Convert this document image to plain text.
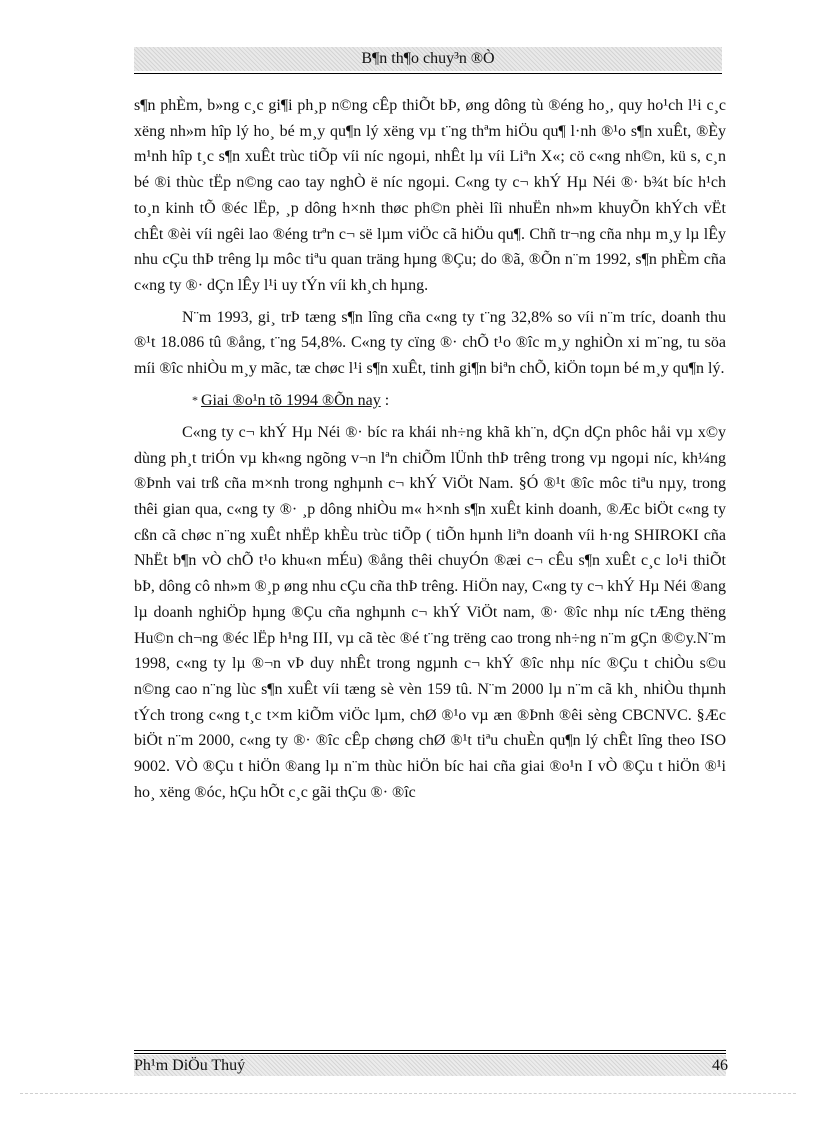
B¶n th¶o chuy³n ®Ò

s¶n phÈm, b»ng c¸c gi¶i ph¸p n©ng cÊp thiÕt bÞ, øng dông tù ®éng ho¸, quy ho¹ch l¹i c¸c xëng nh»m hîp lý ho¸ bé m¸y qu¶n lý xëng vµ t¨ng thªm hiÖu qu¶ l·nh ®¹o s¶n xuÊt, ®Èy m¹nh hîp t¸c s¶n xuÊt trùc tiÕp víi níc ngoµi, nhÊt lµ víi Liªn X«; cö c«ng nh©n, kü s, c¸n bé ®i thùc tËp n©ng cao tay nghÒ ë níc ngoµi. C«ng ty c¬ khÝ Hµ Néi ®· b¾t bíc h¹ch to¸n kinh tÕ ®éc lËp, ¸p dông h×nh thøc ph©n phèi lîi nhuËn nh»m khuyÕn khÝch vËt chÊt ®èi víi ngêi lao ®éng trªn c¬ së lµm viÖc cã hiÖu qu¶. Chñ tr¬ng cña nhµ m¸y lµ lÊy nhu cÇu thÞ trêng lµ môc tiªu quan träng hµng ®Çu; do ®ã, ®Õn n¨m 1992, s¶n phÈm cña c«ng ty ®· dÇn lÊy l¹i uy tÝn víi kh¸ch hµng.

N¨m 1993, gi¸ trÞ tæng s¶n lîng cña c«ng ty t¨ng 32,8% so víi n¨m tríc, doanh thu ®¹t 18.086 tû ®ång, t¨ng 54,8%. C«ng ty cïng ®· chÕ t¹o ®îc m¸y nghiÒn xi m¨ng, tu söa míi ®îc nhiÒu m¸y mãc, tæ chøc l¹i s¶n xuÊt, tinh gi¶n biªn chÕ, kiÖn toµn bé m¸y qu¶n lý.

* Giai ®o¹n tõ 1994 ®Õn nay :

C«ng ty c¬ khÝ Hµ Néi ®· bíc ra khái nh÷ng khã kh¨n, dÇn dÇn phôc håi vµ x©y dùng ph¸t triÓn vµ kh«ng ngõng v¬n lªn chiÕm lÜnh thÞ trêng trong vµ ngoµi níc, kh¼ng ®Þnh vai trß cña m×nh trong nghµnh c¬ khÝ ViÖt Nam. §Ó ®¹t ®îc môc tiªu nµy, trong thêi gian qua, c«ng ty ®· ¸p dông nhiÒu m« h×nh s¶n xuÊt kinh doanh, ®Æc biÖt c«ng ty cßn cã chøc n¨ng xuÊt nhËp khÈu trùc tiÕp ( tiÕn hµnh liªn doanh víi h·ng SHIROKI cña NhËt b¶n vÒ chÕ t¹o khu«n mÉu) ®ång thêi chuyÓn ®æi c¬ cÊu s¶n xuÊt c¸c lo¹i thiÕt bÞ, dông cô nh»m ®¸p øng nhu cÇu cña thÞ trêng. HiÖn nay, C«ng ty c¬ khÝ Hµ Néi ®ang lµ doanh nghiÖp hµng ®Çu cña nghµnh c¬ khÝ ViÖt nam, ®· ®îc nhµ níc tÆng thëng Hu©n ch¬ng ®éc lËp h¹ng III, vµ cã tèc ®é t¨ng trëng cao trong nh÷ng n¨m gÇn ®©y.N¨m 1998, c«ng ty lµ ®¬n vÞ duy nhÊt trong ngµnh c¬ khÝ ®îc nhµ níc ®Çu t chiÒu s©u n©ng cao n¨ng lùc s¶n xuÊt víi tæng sè vèn 159 tû. N¨m 2000 lµ n¨m cã kh¸ nhiÒu thµnh tÝch trong c«ng t¸c t×m kiÕm viÖc lµm, chØ ®¹o vµ æn ®Þnh ®êi sèng CBCNVC. §Æc biÖt n¨m 2000, c«ng ty ®· ®îc cÊp chøng chØ ®¹t tiªu chuÈn qu¶n lý chÊt lîng theo ISO 9002. VÒ ®Çu t hiÖn ®ang lµ n¨m thùc hiÖn bíc hai cña giai ®o¹n I vÒ ®Çu t hiÖn ®¹i ho¸ xëng ®óc, hÇu hÕt c¸c gãi thÇu ®· ®îc

Ph¹m DiÖu Thuý	46
